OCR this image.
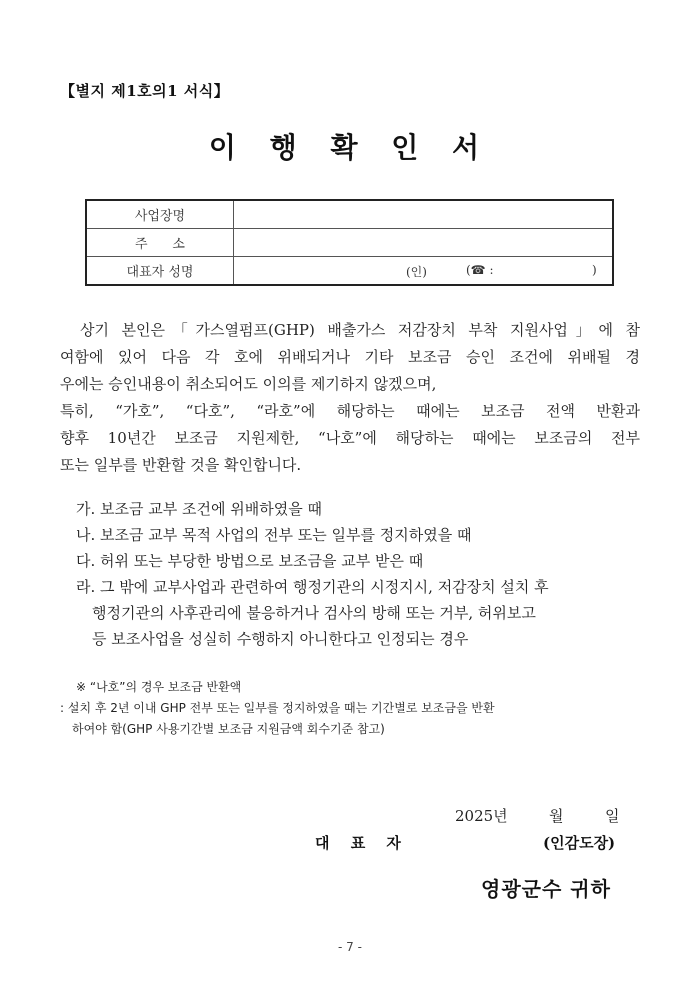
【별지 제1호의1 서식】
이 행 확 인 서
사업장명	
주      소	
대표자 성명	(인) (☎ : )
상기 본인은「가스열펌프(GHP) 배출가스 저감장치 부착 지원사업」에 참
여함에 있어 다음 각 호에 위배되거나 기타 보조금 승인 조건에 위배될 경
우에는 승인내용이 취소되어도 이의를 제기하지 않겠으며,
특히, “가호”, “다호”, “라호”에 해당하는 때에는 보조금 전액 반환과
향후 10년간 보조금 지원제한, “나호”에 해당하는 때에는 보조금의 전부
또는 일부를 반환할 것을 확인합니다.
가. 보조금 교부 조건에 위배하였을 때
나. 보조금 교부 목적 사업의 전부 또는 일부를 정지하였을 때
다. 허위 또는 부당한 방법으로 보조금을 교부 받은 때
라. 그 밖에 교부사업과 관련하여 행정기관의 시정지시, 저감장치 설치 후
행정기관의 사후관리에 불응하거나 검사의 방해 또는 거부, 허위보고
등 보조사업을 성실히 수행하지 아니한다고 인정되는 경우
※ “나호”의 경우 보조금 반환액
: 설치 후 2년 이내 GHP 전부 또는 일부를 정지하였을 때는 기간별로 보조금을 반환
하여야 함(GHP 사용기간별 보조금 지원금액 회수기준 참고)
2025년	월	일
대 표 자	(인감도장)
영광군수 귀하
- 7 -
